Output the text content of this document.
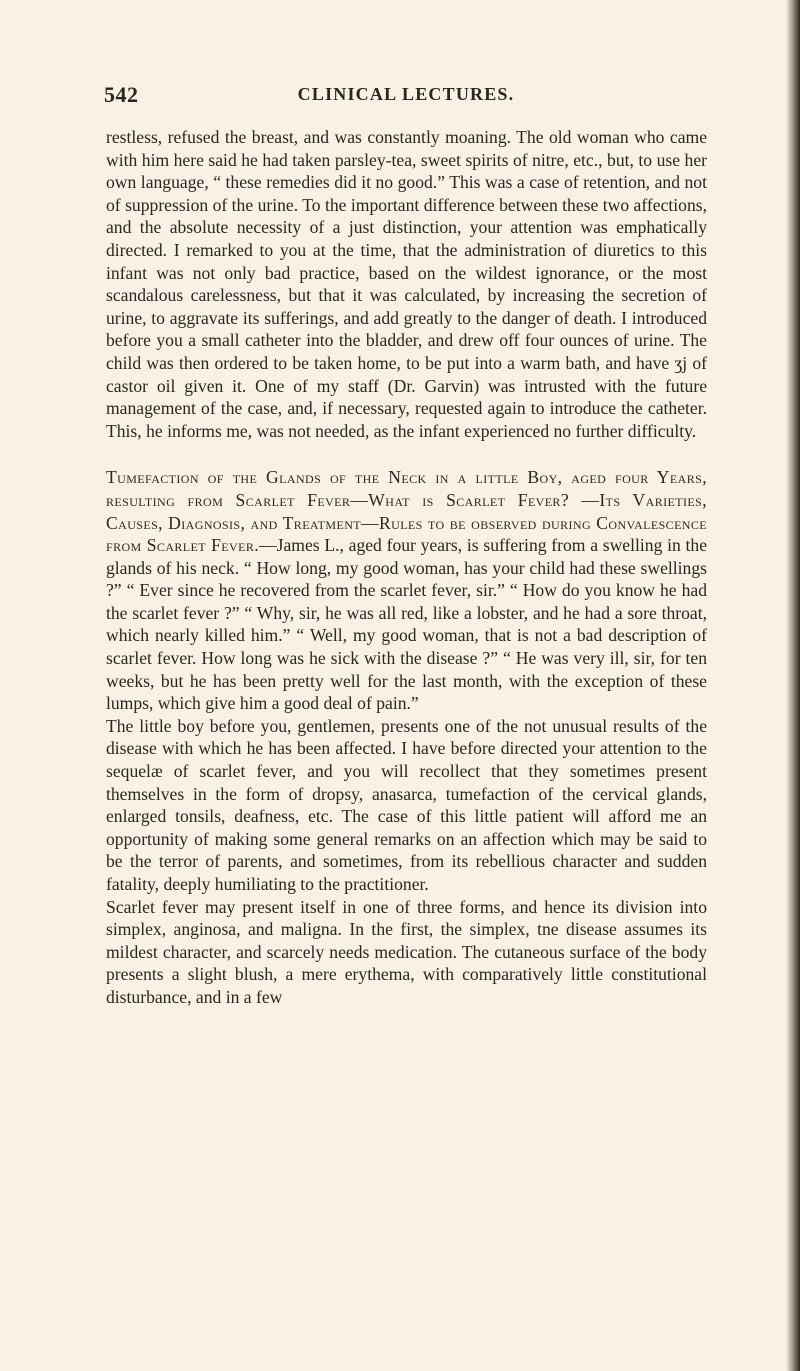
542	CLINICAL LECTURES.

restless, refused the breast, and was constantly moaning. The old woman who came with him here said he had taken parsley-tea, sweet spirits of nitre, etc., but, to use her own language, “ these remedies did it no good.” This was a case of retention, and not of suppression of the urine. To the important difference between these two affections, and the absolute necessity of a just distinction, your attention was emphatically directed. I remarked to you at the time, that the administration of diuretics to this infant was not only bad practice, based on the wildest ignorance, or the most scandalous carelessness, but that it was calculated, by increasing the secretion of urine, to aggravate its sufferings, and add greatly to the danger of death. I introduced before you a small catheter into the bladder, and drew off four ounces of urine. The child was then ordered to be taken home, to be put into a warm bath, and have ʒj of castor oil given it. One of my staff (Dr. Garvin) was intrusted with the future management of the case, and, if necessary, requested again to introduce the catheter. This, he informs me, was not needed, as the infant experienced no further difficulty.

Tumefaction of the Glands of the Neck in a little Boy, aged four Years, resulting from Scarlet Fever—What is Scarlet Fever? —Its Varieties, Causes, Diagnosis, and Treatment—Rules to be observed during Convalescence from Scarlet Fever.—James L., aged four years, is suffering from a swelling in the glands of his neck. “ How long, my good woman, has your child had these swellings ?” “ Ever since he recovered from the scarlet fever, sir.” “ How do you know he had the scarlet fever ?” “ Why, sir, he was all red, like a lobster, and he had a sore throat, which nearly killed him.” “ Well, my good woman, that is not a bad description of scarlet fever. How long was he sick with the disease ?” “ He was very ill, sir, for ten weeks, but he has been pretty well for the last month, with the exception of these lumps, which give him a good deal of pain.”

The little boy before you, gentlemen, presents one of the not unusual results of the disease with which he has been affected. I have before directed your attention to the sequelæ of scarlet fever, and you will recollect that they sometimes present themselves in the form of dropsy, anasarca, tumefaction of the cervical glands, enlarged tonsils, deafness, etc. The case of this little patient will afford me an opportunity of making some general remarks on an affection which may be said to be the terror of parents, and sometimes, from its rebellious character and sudden fatality, deeply humiliating to the practitioner.

Scarlet fever may present itself in one of three forms, and hence its division into simplex, anginosa, and maligna. In the first, the simplex, tne disease assumes its mildest character, and scarcely needs medication. The cutaneous surface of the body presents a slight blush, a mere erythema, with comparatively little constitutional disturbance, and in a few
